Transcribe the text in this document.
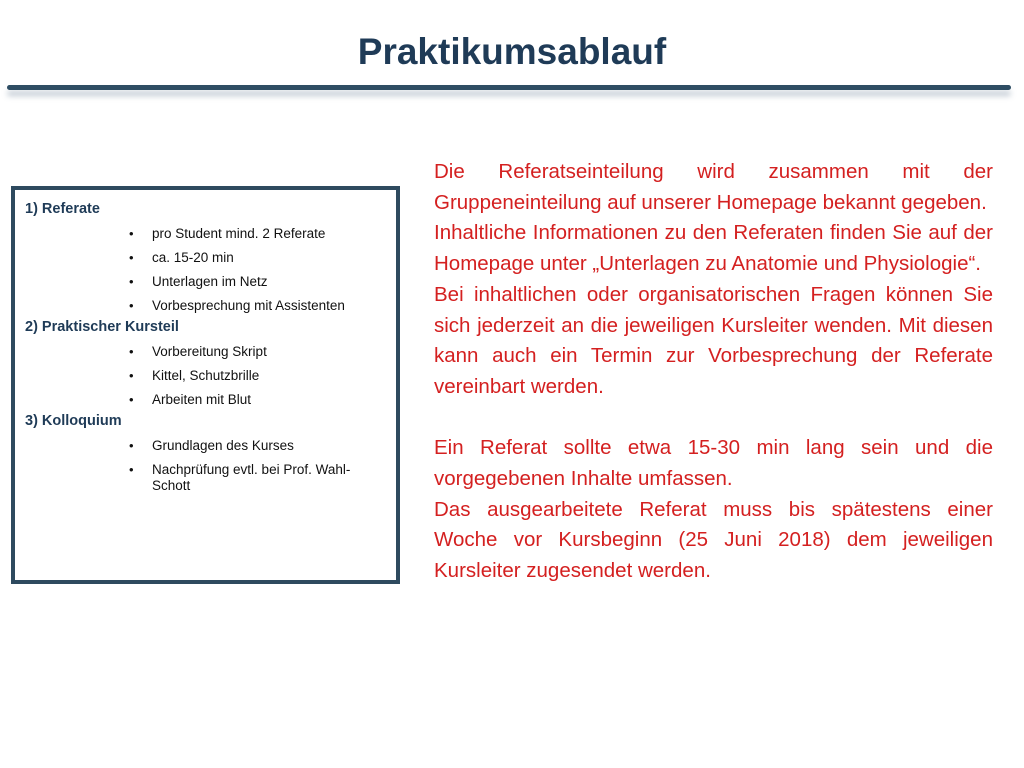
Praktikumsablauf
1) Referate
• pro Student mind. 2 Referate
• ca. 15-20 min
• Unterlagen im Netz
• Vorbesprechung mit Assistenten
2) Praktischer Kursteil
• Vorbereitung Skript
• Kittel, Schutzbrille
• Arbeiten mit Blut
3) Kolloquium
• Grundlagen des Kurses
• Nachprüfung evtl. bei Prof. Wahl-Schott

Die Referatseinteilung wird zusammen mit der Gruppeneinteilung auf unserer Homepage bekannt gegeben.

Inhaltliche Informationen zu den Referaten finden Sie auf der Homepage unter „Unterlagen zu Anatomie und Physiologie“.

Bei inhaltlichen oder organisatorischen Fragen können Sie sich jederzeit an die jeweiligen Kursleiter wenden. Mit diesen kann auch ein Termin zur Vorbesprechung der Referate vereinbart werden.

Ein Referat sollte etwa 15-30 min lang sein und die vorgegebenen Inhalte umfassen.

Das ausgearbeitete Referat muss bis spätestens einer Woche vor Kursbeginn (25 Juni 2018) dem jeweiligen Kursleiter zugesendet werden.
